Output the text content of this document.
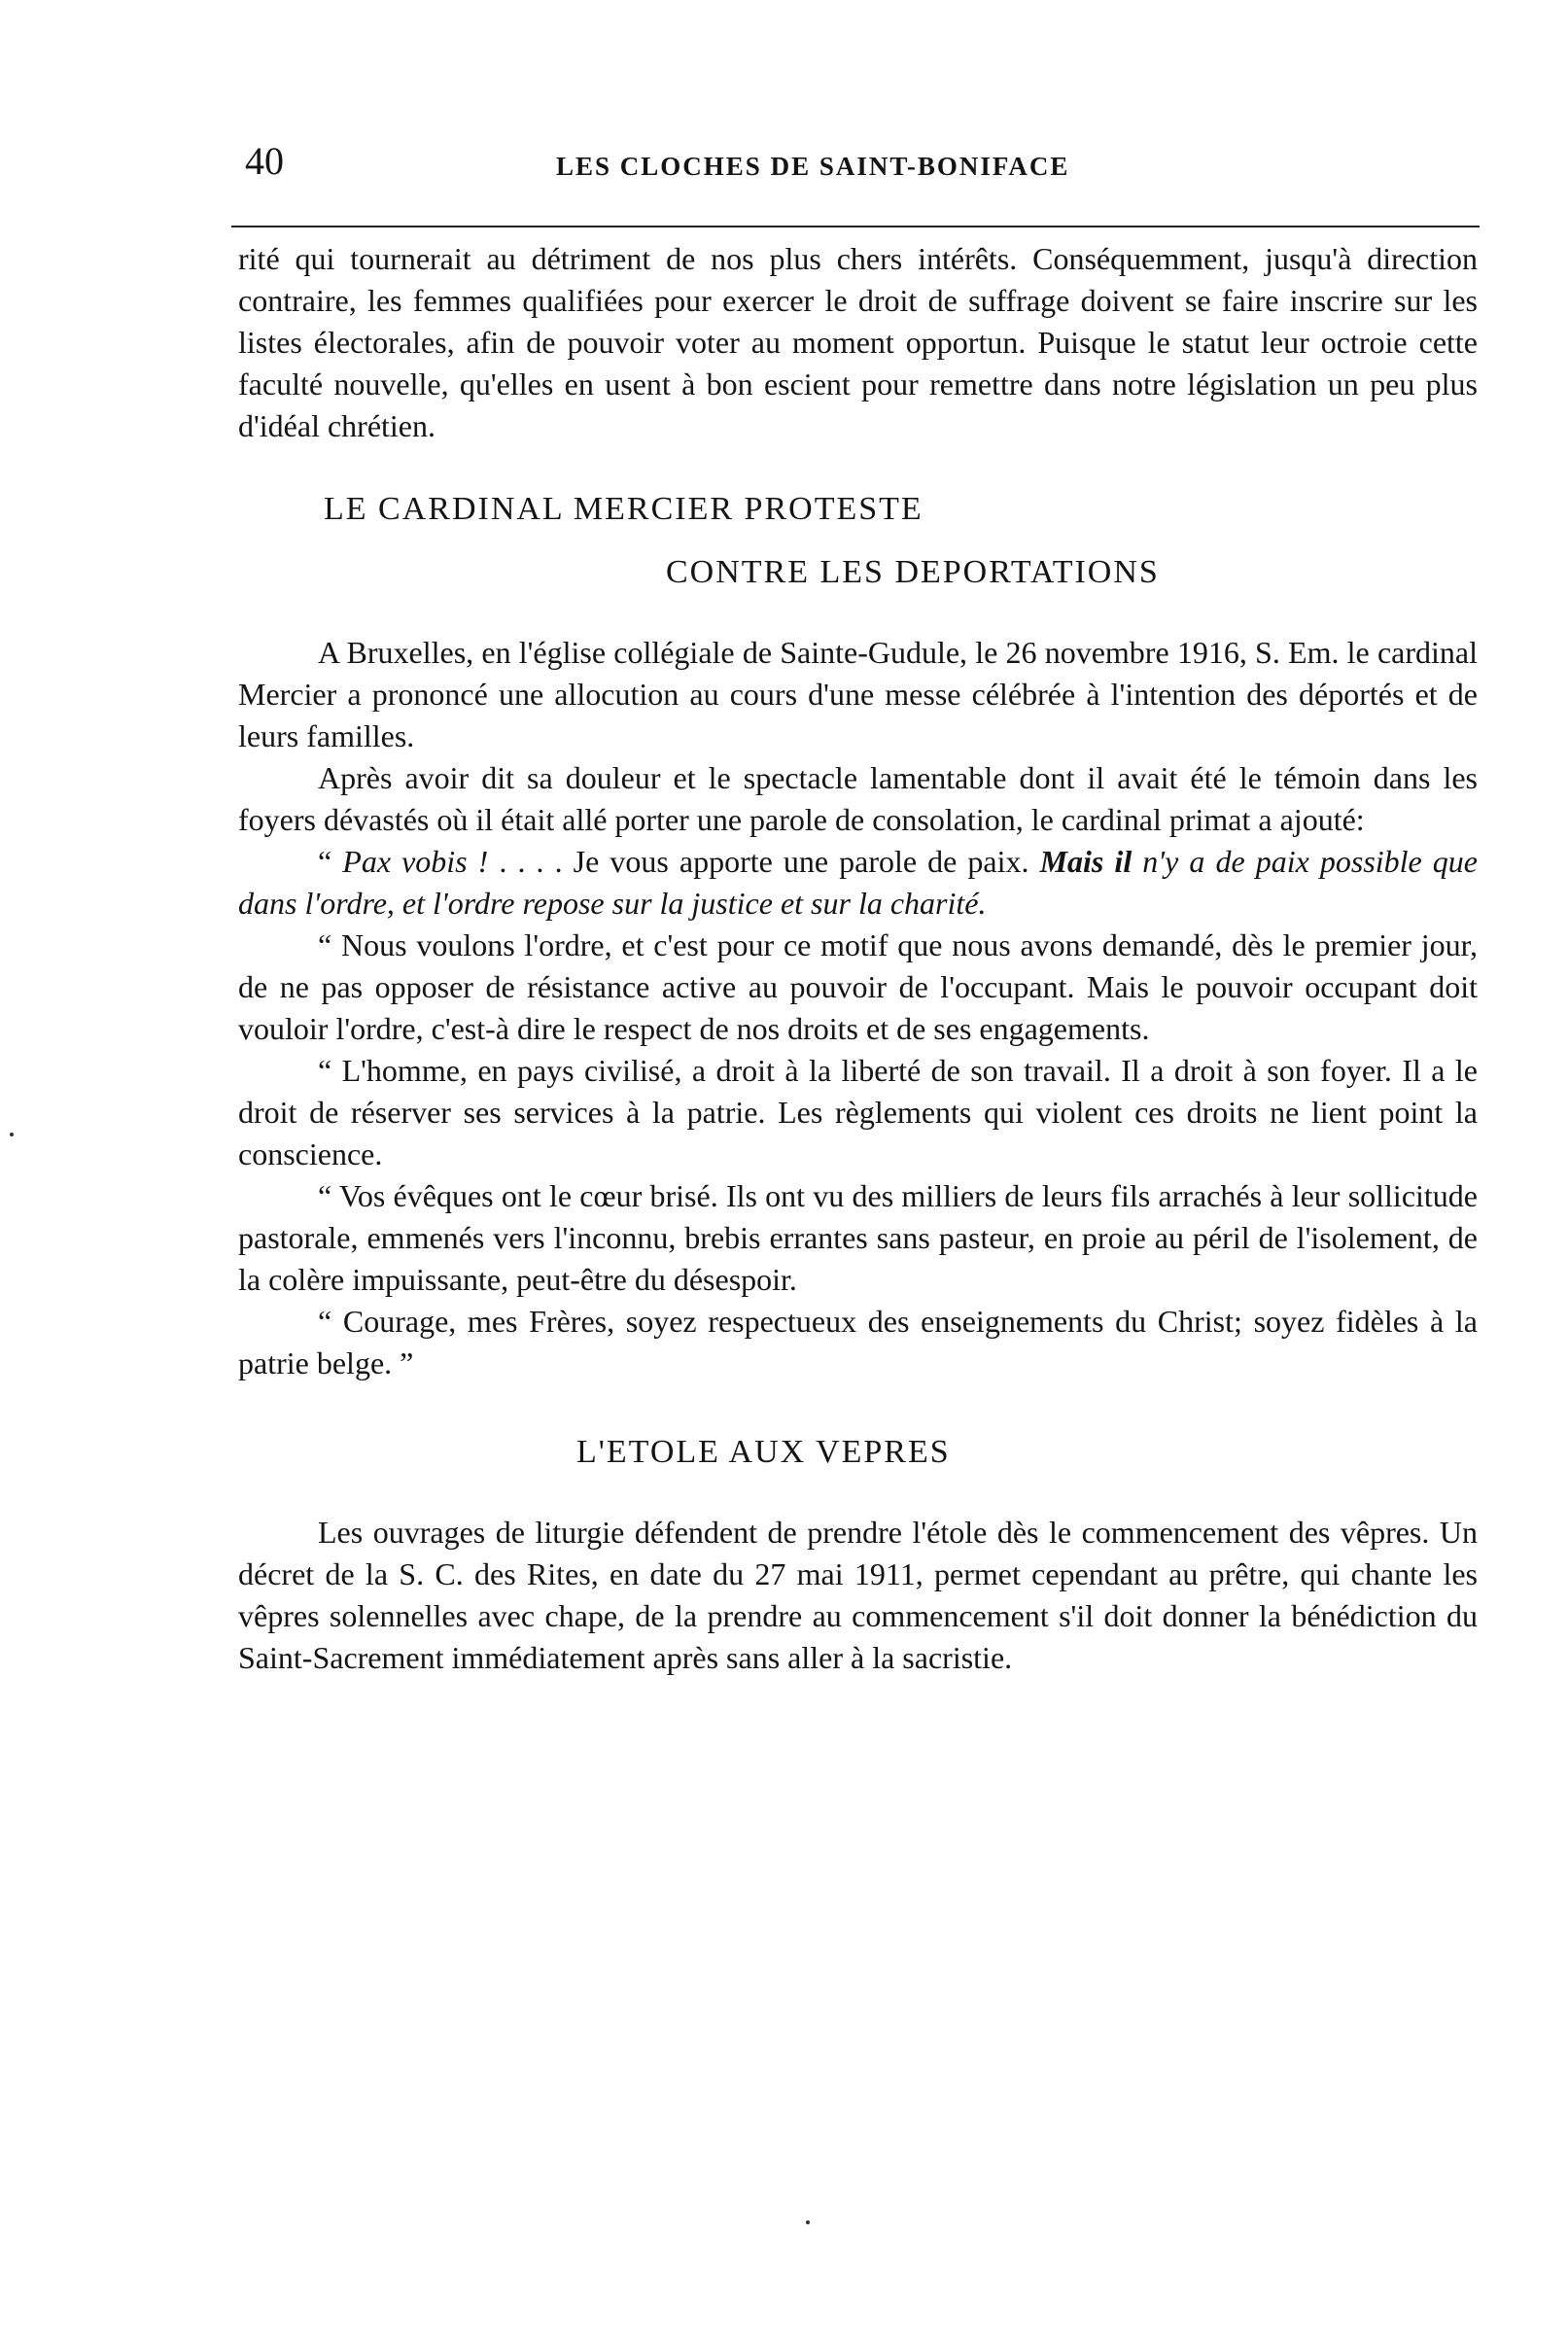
40	LES CLOCHES DE SAINT-BONIFACE

rité qui tournerait au détriment de nos plus chers intérêts. Conséquemment, jusqu'à direction contraire, les femmes qualifiées pour exercer le droit de suffrage doivent se faire inscrire sur les listes électorales, afin de pouvoir voter au moment opportun. Puisque le statut leur octroie cette faculté nouvelle, qu'elles en usent à bon escient pour remettre dans notre législation un peu plus d'idéal chrétien.

LE CARDINAL MERCIER PROTESTE

CONTRE LES DEPORTATIONS

A Bruxelles, en l'église collégiale de Sainte-Gudule, le 26 novembre 1916, S. Em. le cardinal Mercier a prononcé une allocution au cours d'une messe célébrée à l'intention des déportés et de leurs familles.

Après avoir dit sa douleur et le spectacle lamentable dont il avait été le témoin dans les foyers dévastés où il était allé porter une parole de consolation, le cardinal primat a ajouté:

“ Pax vobis ! . . . . Je vous apporte une parole de paix. Mais il n'y a de paix possible que dans l'ordre, et l'ordre repose sur la justice et sur la charité.

“ Nous voulons l'ordre, et c'est pour ce motif que nous avons demandé, dès le premier jour, de ne pas opposer de résistance active au pouvoir de l'occupant. Mais le pouvoir occupant doit vouloir l'ordre, c'est-à dire le respect de nos droits et de ses engagements.

“ L'homme, en pays civilisé, a droit à la liberté de son travail. Il a droit à son foyer. Il a le droit de réserver ses services à la patrie. Les règlements qui violent ces droits ne lient point la conscience.

“ Vos évêques ont le cœur brisé. Ils ont vu des milliers de leurs fils arrachés à leur sollicitude pastorale, emmenés vers l'inconnu, brebis errantes sans pasteur, en proie au péril de l'isolement, de la colère impuissante, peut-être du désespoir.

“ Courage, mes Frères, soyez respectueux des enseignements du Christ; soyez fidèles à la patrie belge. ”

L'ETOLE AUX VEPRES

Les ouvrages de liturgie défendent de prendre l'étole dès le commencement des vêpres. Un décret de la S. C. des Rites, en date du 27 mai 1911, permet cependant au prêtre, qui chante les vêpres solennelles avec chape, de la prendre au commencement s'il doit donner la bénédiction du Saint-Sacrement immédiatement après sans aller à la sacristie.
